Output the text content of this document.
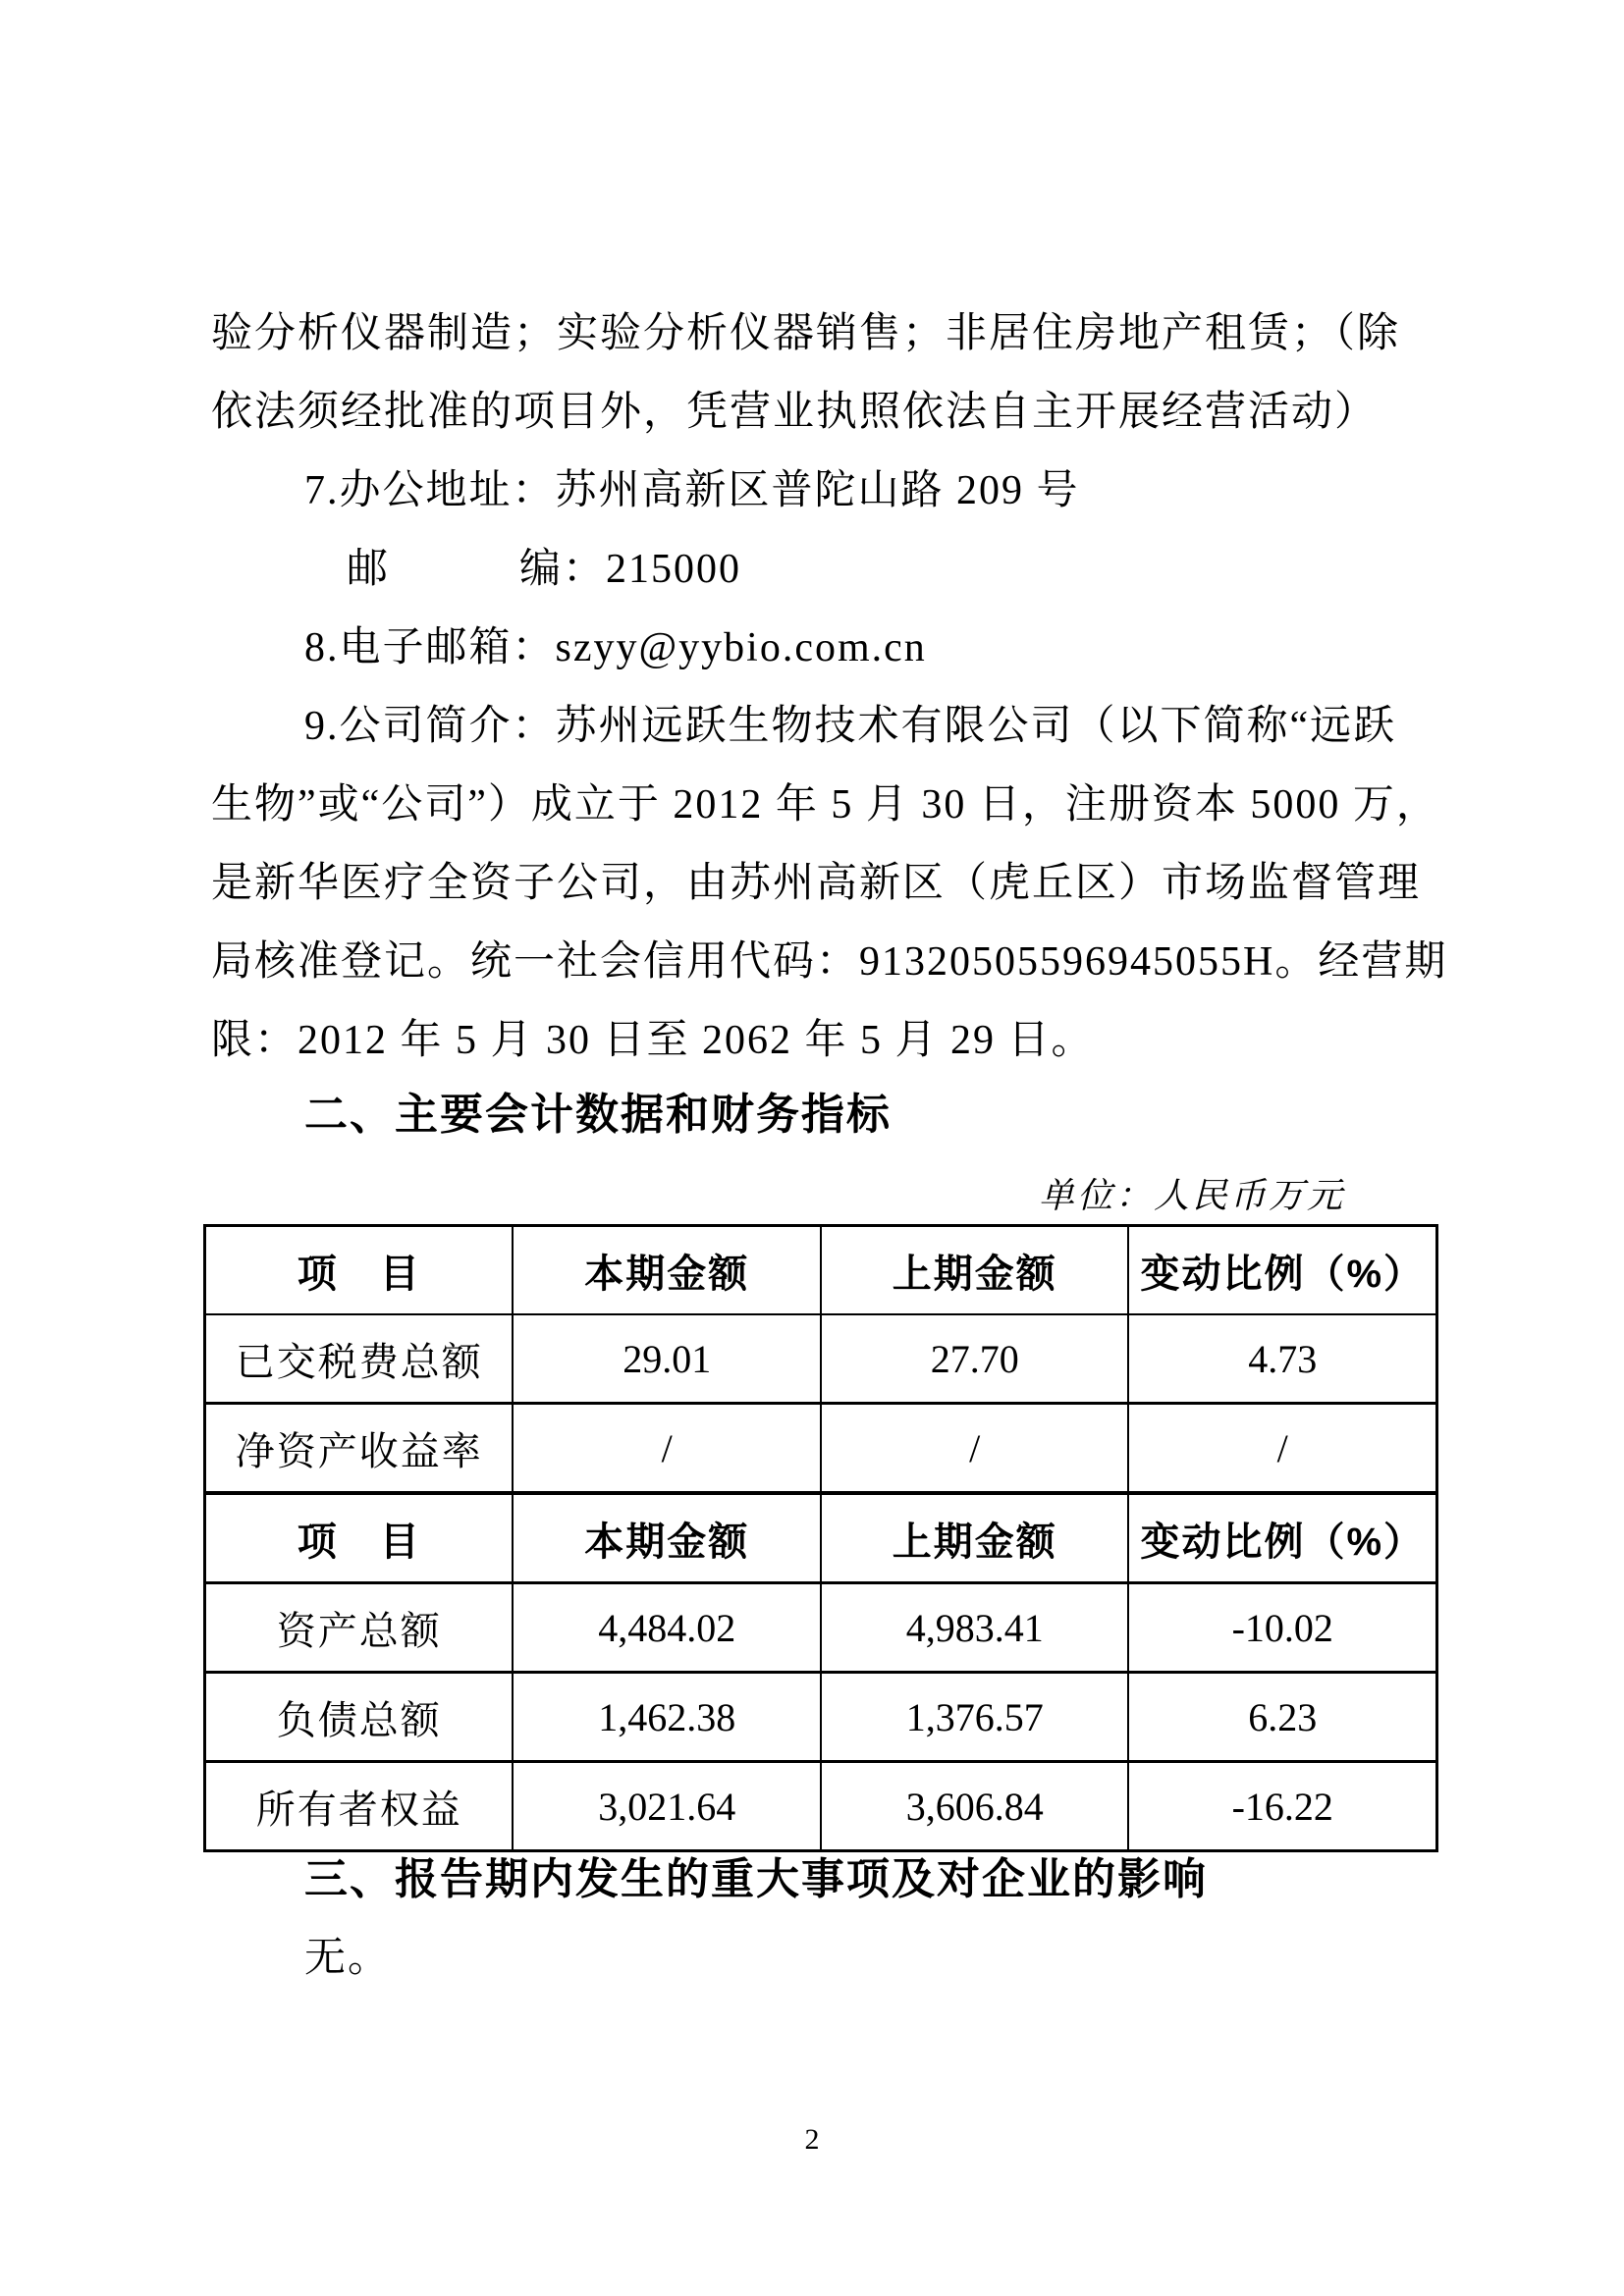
验分析仪器制造；实验分析仪器销售；非居住房地产租赁；（除
依法须经批准的项目外，凭营业执照依法自主开展经营活动）
7.办公地址：苏州高新区普陀山路 209 号
邮　　　编：215000
8.电子邮箱：szyy@yybio.com.cn
9.公司简介：苏州远跃生物技术有限公司（以下简称“远跃
生物”或“公司”）成立于 2012 年 5 月 30 日，注册资本 5000 万，
是新华医疗全资子公司，由苏州高新区（虎丘区）市场监督管理
局核准登记。统一社会信用代码：91320505596945055H。经营期
限：2012 年 5 月 30 日至 2062 年 5 月 29 日。
二、主要会计数据和财务指标
单位：人民币万元
项　目	本期金额	上期金额	变动比例（%）
已交税费总额	29.01	27.70	4.73
净资产收益率	/	/	/
项　目	本期金额	上期金额	变动比例（%）
资产总额	4,484.02	4,983.41	-10.02
负债总额	1,462.38	1,376.57	6.23
所有者权益	3,021.64	3,606.84	-16.22
三、报告期内发生的重大事项及对企业的影响
无。
2
